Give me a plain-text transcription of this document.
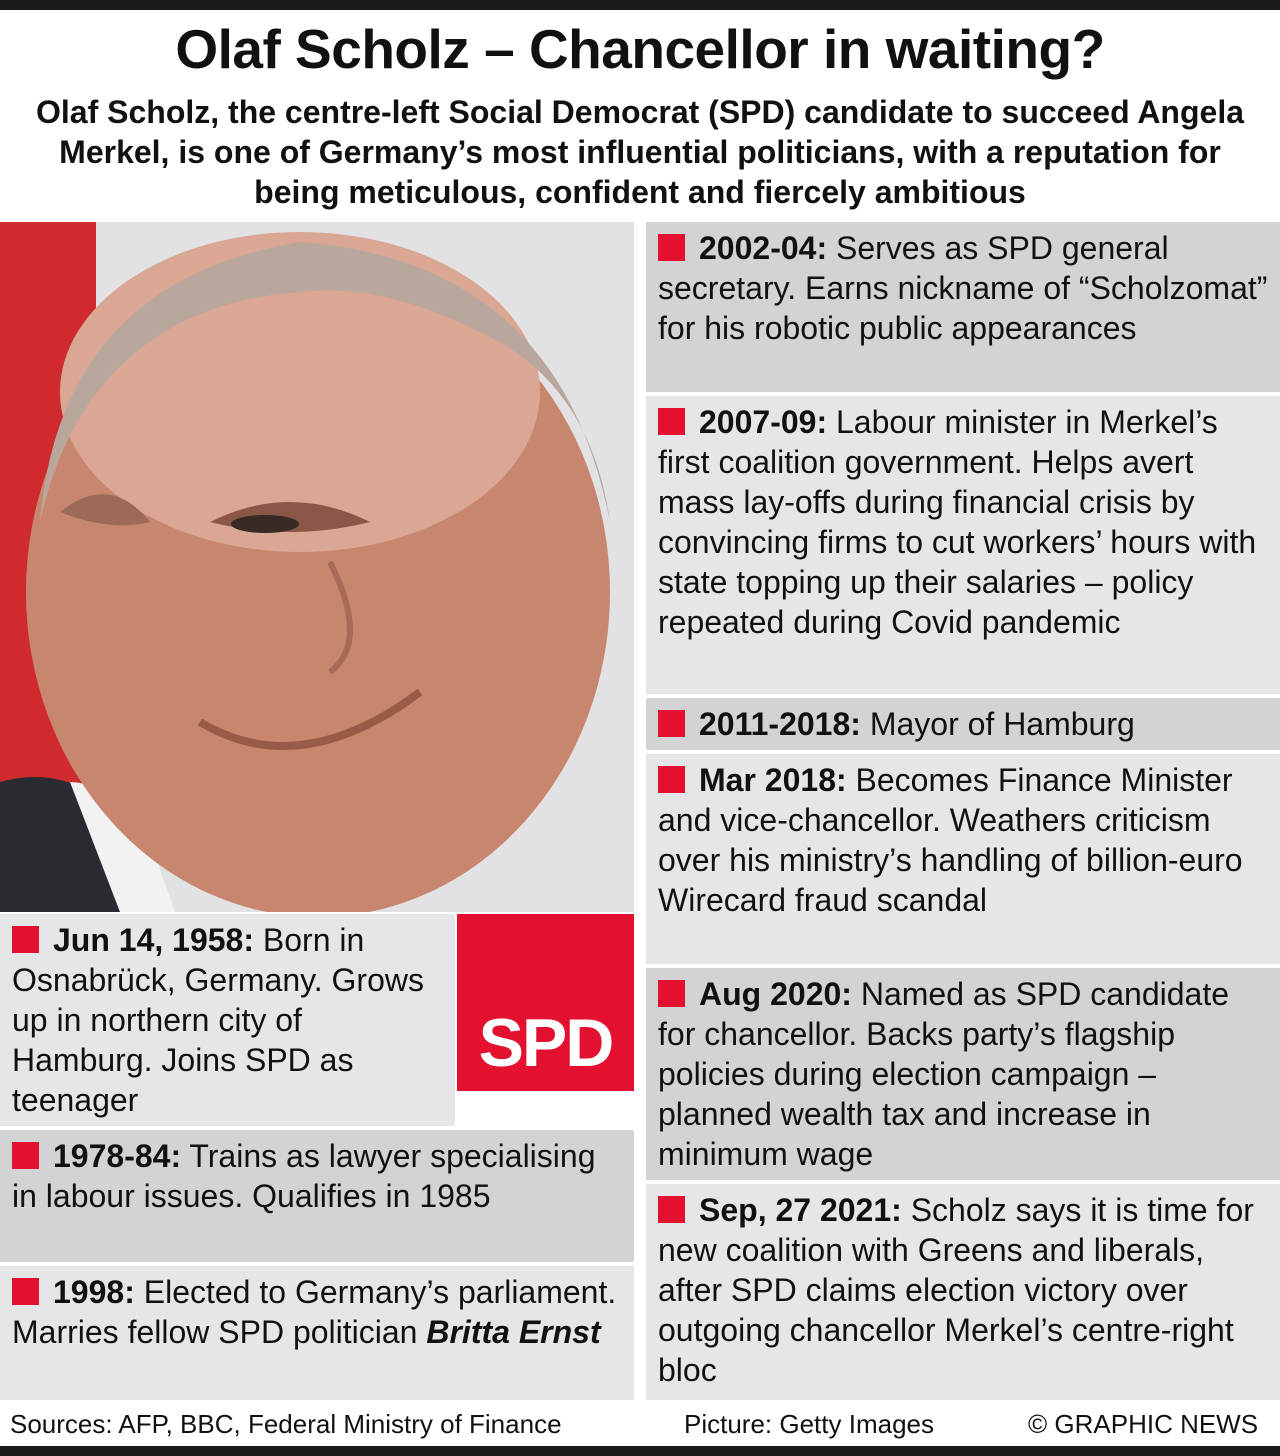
Olaf Scholz – Chancellor in waiting?
Olaf Scholz, the centre-left Social Democrat (SPD) candidate to succeed Angela Merkel, is one of Germany’s most influential politicians, with a reputation for being meticulous, confident and fiercely ambitious
SPD
Jun 14, 1958: Born in Osnabrück, Germany. Grows up in northern city of Hamburg. Joins SPD as teenager
1978-84: Trains as lawyer specialising in labour issues. Qualifies in 1985
1998: Elected to Germany’s parliament. Marries fellow SPD politician Britta Ernst
2002-04: Serves as SPD general secretary. Earns nickname of “Scholzomat” for his robotic public appearances
2007-09: Labour minister in Merkel’s first coalition government. Helps avert mass lay-offs during financial crisis by convincing firms to cut workers’ hours with state topping up their salaries – policy repeated during Covid pandemic
2011-2018: Mayor of Hamburg
Mar 2018: Becomes Finance Minister and vice-chancellor. Weathers criticism over his ministry’s handling of billion-euro Wirecard fraud scandal
Aug 2020: Named as SPD candidate for chancellor. Backs party’s flagship policies during election campaign – planned wealth tax and increase in minimum wage
Sep, 27 2021: Scholz says it is time for new coalition with Greens and liberals, after SPD claims election victory over outgoing chancellor Merkel’s centre-right bloc
Sources: AFP, BBC, Federal Ministry of Finance	Picture: Getty Images	© GRAPHIC NEWS
